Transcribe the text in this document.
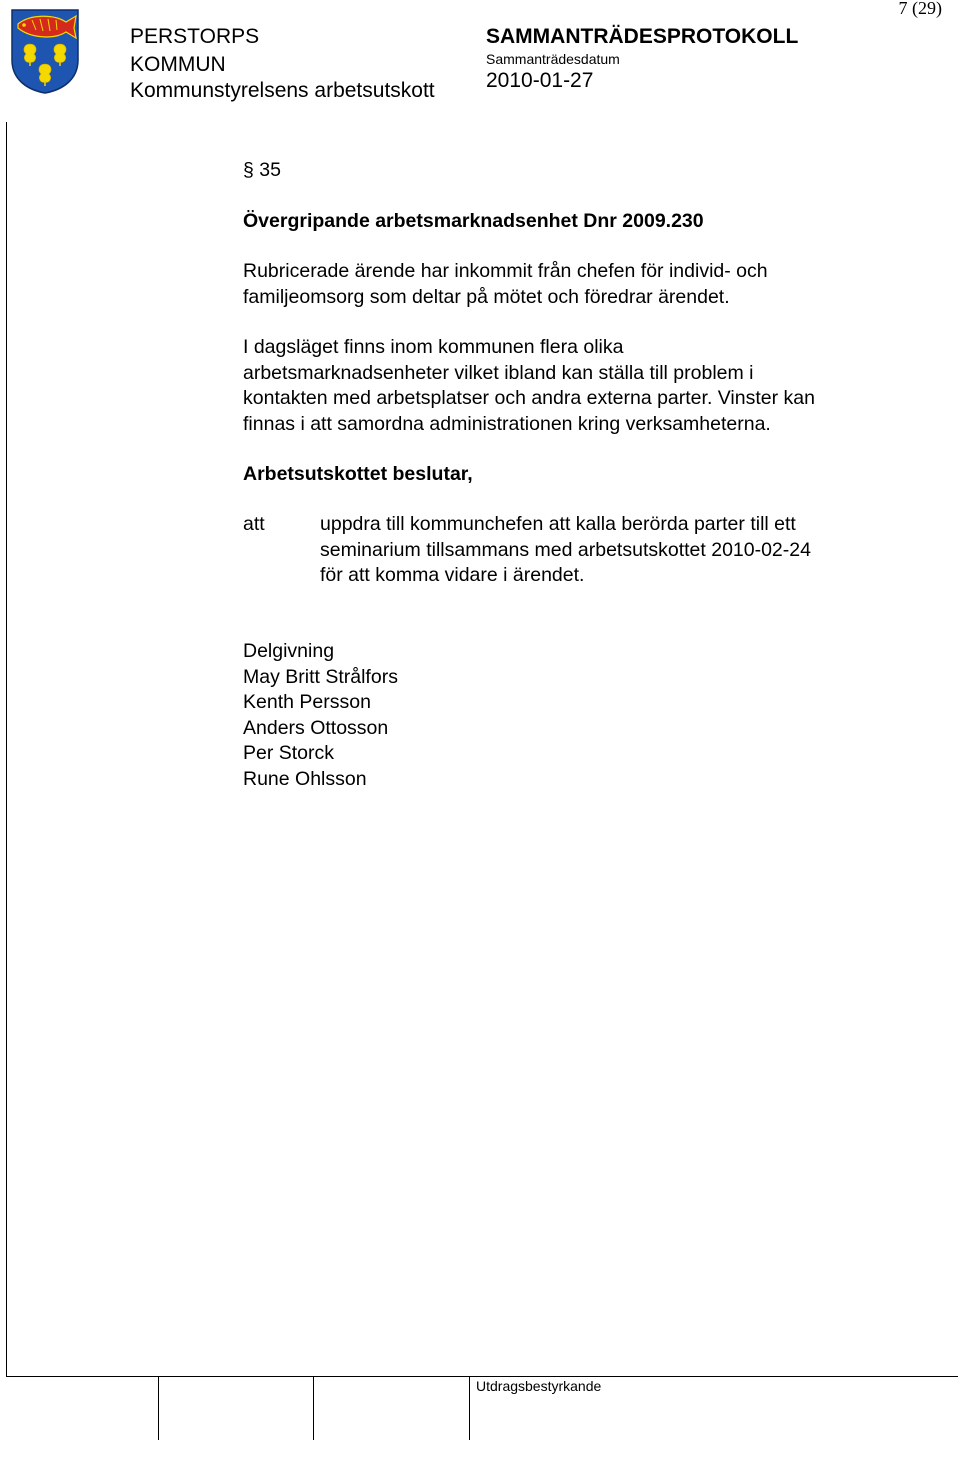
PERSTORPS
KOMMUN
Kommunstyrelsens arbetsutskott
SAMMANTRÄDESPROTOKOLL
Sammanträdesdatum
2010-01-27
7 (29)
§ 35
Övergripande arbetsmarknadsenhet Dnr 2009.230
Rubricerade ärende har inkommit från chefen för individ- och
familjeomsorg som deltar på mötet och föredrar ärendet.
I dagsläget finns inom kommunen flera olika
arbetsmarknadsenheter vilket ibland kan ställa till problem i
kontakten med arbetsplatser och andra externa parter. Vinster kan
finnas i att samordna administrationen kring verksamheterna.
Arbetsutskottet beslutar,
att	uppdra till kommunchefen att kalla berörda parter till ett
seminarium tillsammans med arbetsutskottet 2010-02-24
för att komma vidare i ärendet.
Delgivning
May Britt Strålfors
Kenth Persson
Anders Ottosson
Per Storck
Rune Ohlsson
Utdragsbestyrkande
